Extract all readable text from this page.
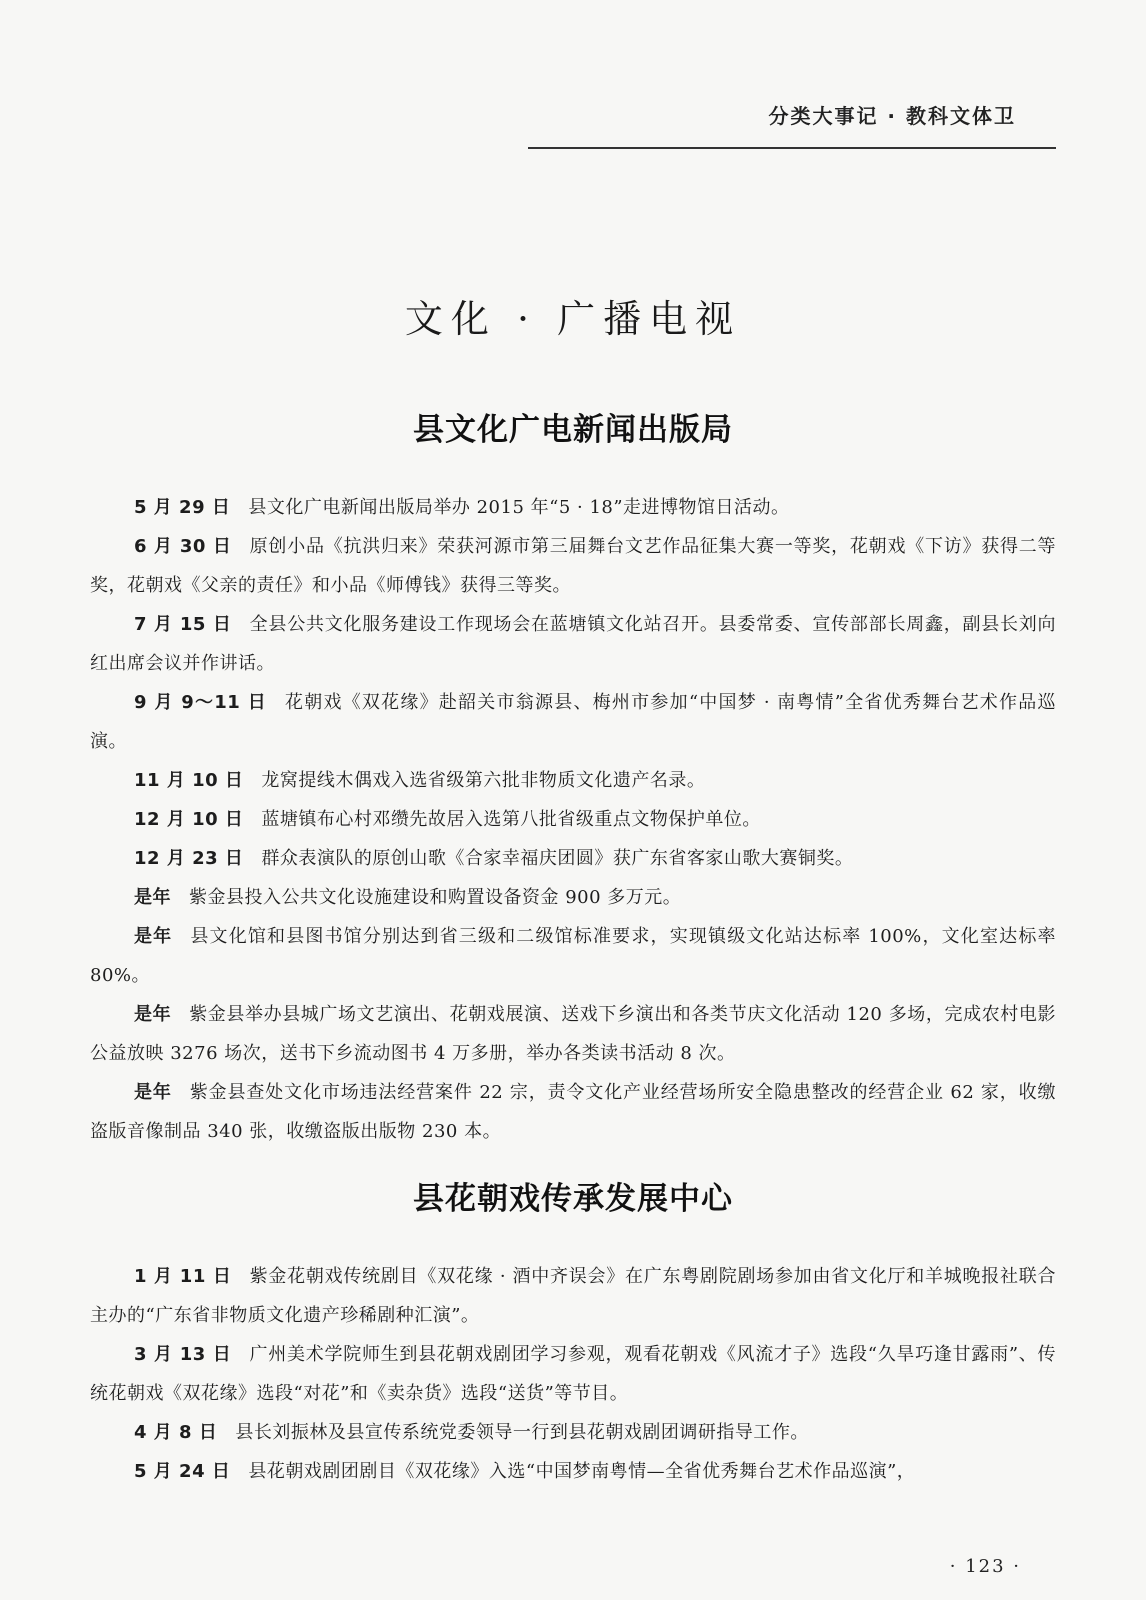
分类大事记 · 教科文体卫
文化 · 广播电视
县文化广电新闻出版局
5 月 29 日 县文化广电新闻出版局举办 2015 年“5 · 18”走进博物馆日活动。
6 月 30 日 原创小品《抗洪归来》荣获河源市第三届舞台文艺作品征集大赛一等奖，花朝戏《下访》获得二等奖，花朝戏《父亲的责任》和小品《师傅钱》获得三等奖。
7 月 15 日 全县公共文化服务建设工作现场会在蓝塘镇文化站召开。县委常委、宣传部部长周鑫，副县长刘向红出席会议并作讲话。
9 月 9～11 日 花朝戏《双花缘》赴韶关市翁源县、梅州市参加“中国梦 · 南粤情”全省优秀舞台艺术作品巡演。
11 月 10 日 龙窝提线木偶戏入选省级第六批非物质文化遗产名录。
12 月 10 日 蓝塘镇布心村邓缵先故居入选第八批省级重点文物保护单位。
12 月 23 日 群众表演队的原创山歌《合家幸福庆团圆》获广东省客家山歌大赛铜奖。
是年 紫金县投入公共文化设施建设和购置设备资金 900 多万元。
是年 县文化馆和县图书馆分别达到省三级和二级馆标准要求，实现镇级文化站达标率 100%，文化室达标率 80%。
是年 紫金县举办县城广场文艺演出、花朝戏展演、送戏下乡演出和各类节庆文化活动 120 多场，完成农村电影公益放映 3276 场次，送书下乡流动图书 4 万多册，举办各类读书活动 8 次。
是年 紫金县查处文化市场违法经营案件 22 宗，责令文化产业经营场所安全隐患整改的经营企业 62 家，收缴盗版音像制品 340 张，收缴盗版出版物 230 本。
县花朝戏传承发展中心
1 月 11 日 紫金花朝戏传统剧目《双花缘 · 酒中齐误会》在广东粤剧院剧场参加由省文化厅和羊城晚报社联合主办的“广东省非物质文化遗产珍稀剧种汇演”。
3 月 13 日 广州美术学院师生到县花朝戏剧团学习参观，观看花朝戏《风流才子》选段“久旱巧逢甘露雨”、传统花朝戏《双花缘》选段“对花”和《卖杂货》选段“送货”等节目。
4 月 8 日 县长刘振林及县宣传系统党委领导一行到县花朝戏剧团调研指导工作。
5 月 24 日 县花朝戏剧团剧目《双花缘》入选“中国梦南粤情—全省优秀舞台艺术作品巡演”，
· 123 ·
